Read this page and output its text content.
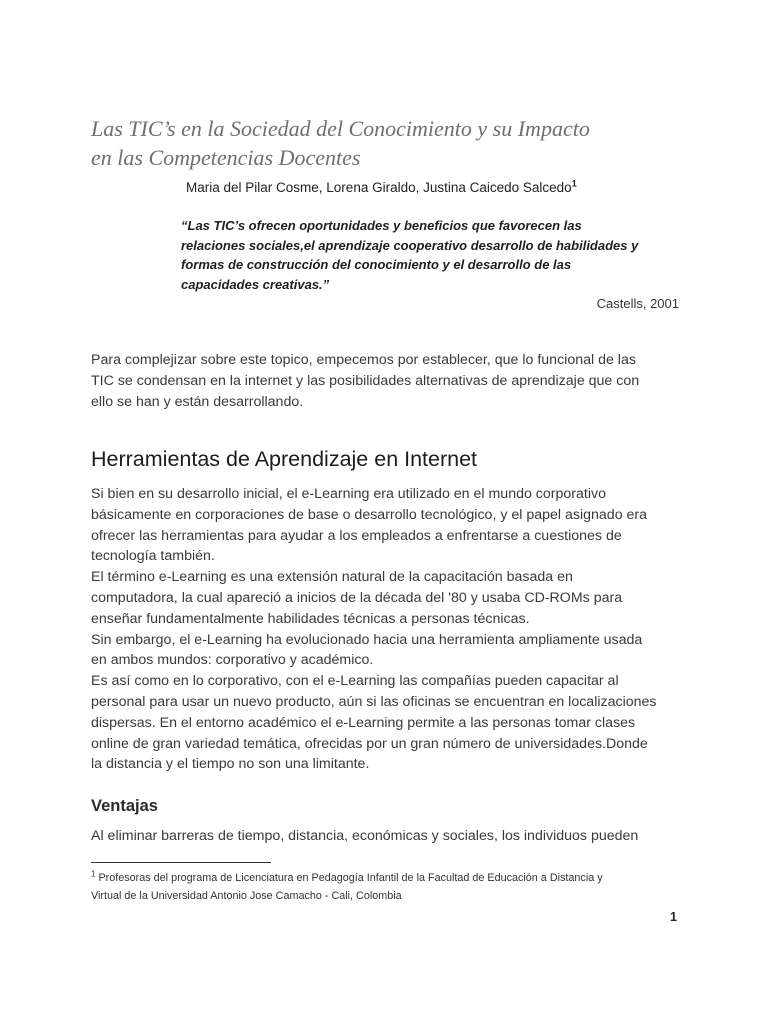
Las TIC’s en la Sociedad del Conocimiento y su Impacto
en las Competencias Docentes
Maria del Pilar Cosme, Lorena Giraldo, Justina Caicedo Salcedo$^1$
“Las TIC’s ofrecen oportunidades y beneficios que favorecen las
relaciones sociales,el aprendizaje cooperativo desarrollo de habilidades y
formas de construcción del conocimiento y el desarrollo de las
capacidades creativas.”
Castells, 2001

Para complejizar sobre este topico, empecemos por establecer, que lo funcional de las
TIC se condensan en la internet y las posibilidades alternativas de aprendizaje que con
ello se han y están desarrollando.

Herramientas de Aprendizaje en Internet
Si bien en su desarrollo inicial, el e-Learning era utilizado en el mundo corporativo
básicamente en corporaciones de base o desarrollo tecnológico, y el papel asignado era
ofrecer las herramientas para ayudar a los empleados a enfrentarse a cuestiones de
tecnología también.
El término e-Learning es una extensión natural de la capacitación basada en
computadora, la cual apareció a inicios de la década del '80 y usaba CD-ROMs para
enseñar fundamentalmente habilidades técnicas a personas técnicas.
Sin embargo, el e-Learning ha evolucionado hacia una herramienta ampliamente usada
en ambos mundos: corporativo y académico.
Es así como en lo corporativo, con el e-Learning las compañías pueden capacitar al
personal para usar un nuevo producto, aún si las oficinas se encuentran en localizaciones
dispersas. En el entorno académico el e-Learning permite a las personas tomar clases
online de gran variedad temática, ofrecidas por un gran número de universidades.Donde
la distancia y el tiempo no son una limitante.
Ventajas
Al eliminar barreras de tiempo, distancia, económicas y sociales, los individuos pueden
$^1$ Profesoras del programa de Licenciatura en Pedagogía Infantil de la Facultad de Educación a Distancia y
Virtual de la Universidad Antonio Jose Camacho - Cali, Colombia
1
